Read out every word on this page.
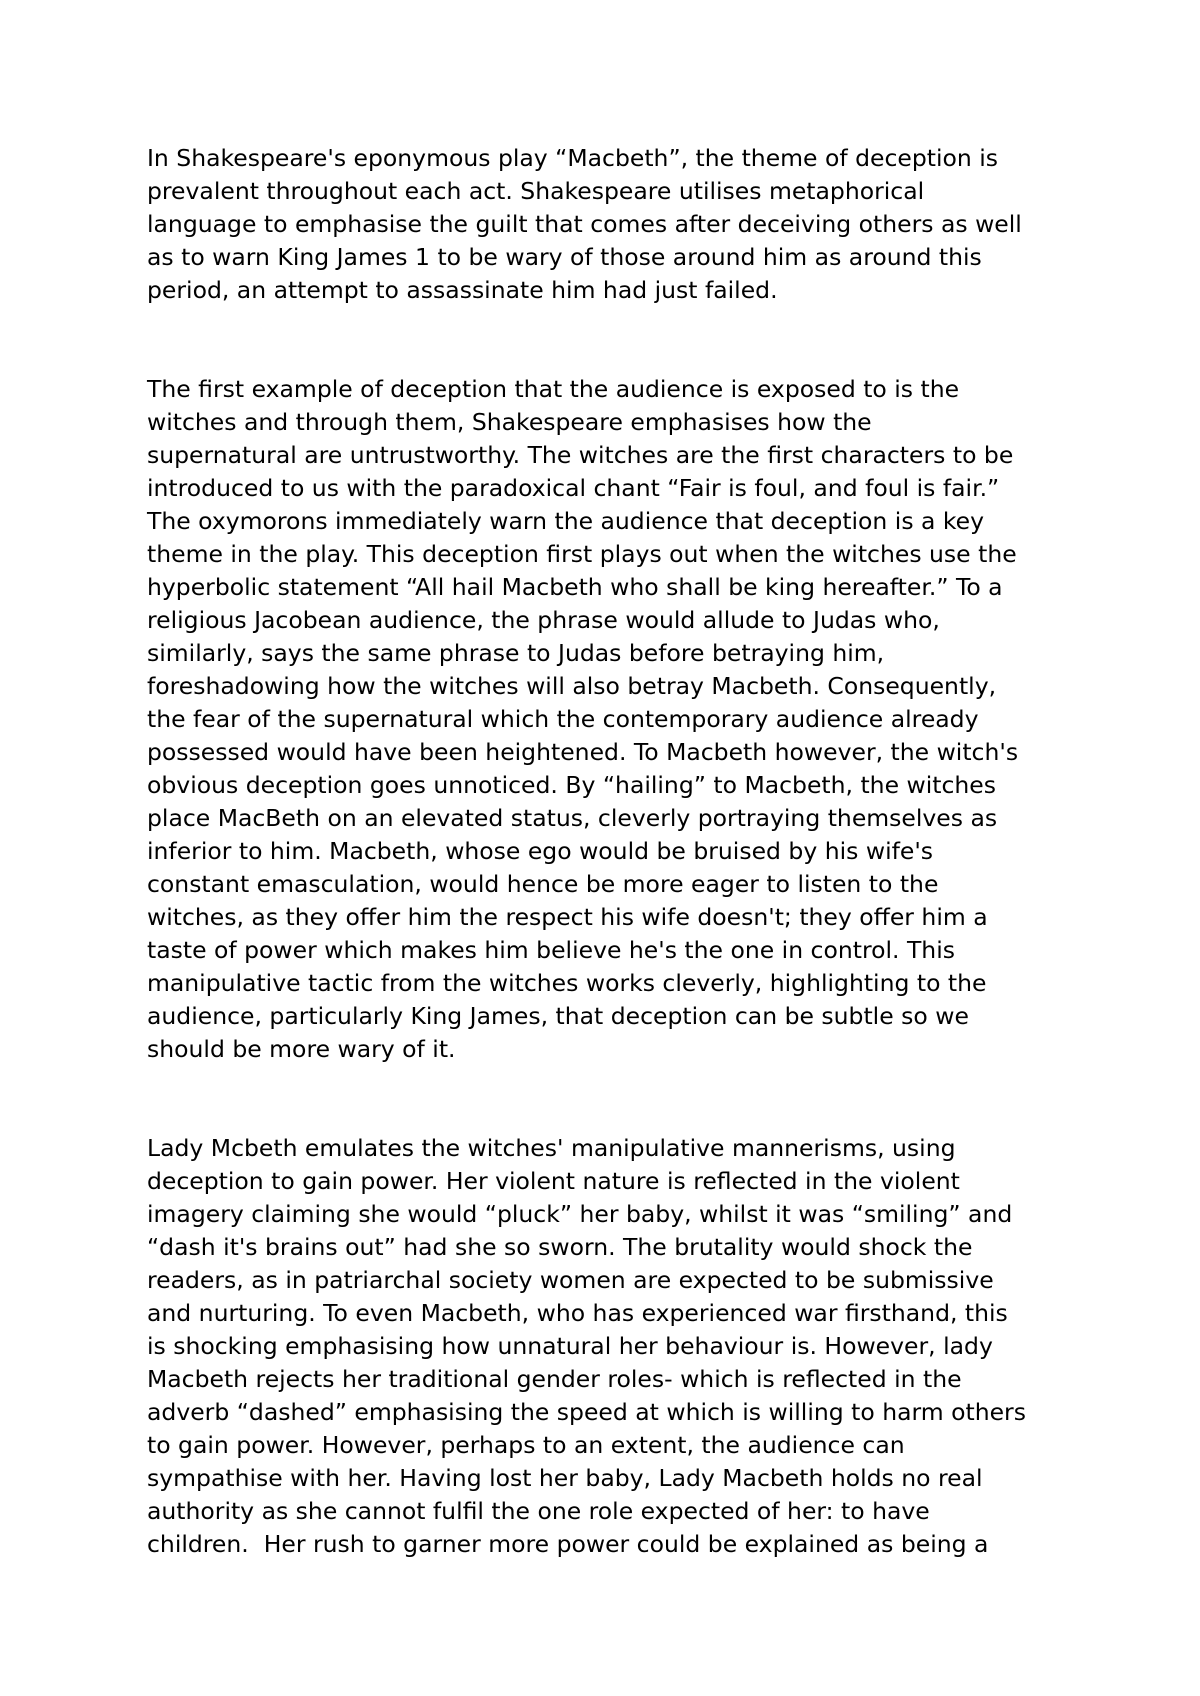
In Shakespeare's eponymous play “Macbeth”, the theme of deception is
prevalent throughout each act. Shakespeare utilises metaphorical
language to emphasise the guilt that comes after deceiving others as well
as to warn King James 1 to be wary of those around him as around this
period, an attempt to assassinate him had just failed.
The first example of deception that the audience is exposed to is the
witches and through them, Shakespeare emphasises how the
supernatural are untrustworthy. The witches are the first characters to be
introduced to us with the paradoxical chant “Fair is foul, and foul is fair.”
The oxymorons immediately warn the audience that deception is a key
theme in the play. This deception first plays out when the witches use the
hyperbolic statement “All hail Macbeth who shall be king hereafter.” To a
religious Jacobean audience, the phrase would allude to Judas who,
similarly, says the same phrase to Judas before betraying him,
foreshadowing how the witches will also betray Macbeth. Consequently,
the fear of the supernatural which the contemporary audience already
possessed would have been heightened. To Macbeth however, the witch's
obvious deception goes unnoticed. By “hailing” to Macbeth, the witches
place MacBeth on an elevated status, cleverly portraying themselves as
inferior to him. Macbeth, whose ego would be bruised by his wife's
constant emasculation, would hence be more eager to listen to the
witches, as they offer him the respect his wife doesn't; they offer him a
taste of power which makes him believe he's the one in control. This
manipulative tactic from the witches works cleverly, highlighting to the
audience, particularly King James, that deception can be subtle so we
should be more wary of it.
Lady Mcbeth emulates the witches' manipulative mannerisms, using
deception to gain power. Her violent nature is reflected in the violent
imagery claiming she would “pluck” her baby, whilst it was “smiling” and
“dash it's brains out” had she so sworn. The brutality would shock the
readers, as in patriarchal society women are expected to be submissive
and nurturing. To even Macbeth, who has experienced war firsthand, this
is shocking emphasising how unnatural her behaviour is. However, lady
Macbeth rejects her traditional gender roles- which is reflected in the
adverb “dashed” emphasising the speed at which is willing to harm others
to gain power. However, perhaps to an extent, the audience can
sympathise with her. Having lost her baby, Lady Macbeth holds no real
authority as she cannot fulfil the one role expected of her: to have
children.  Her rush to garner more power could be explained as being a
